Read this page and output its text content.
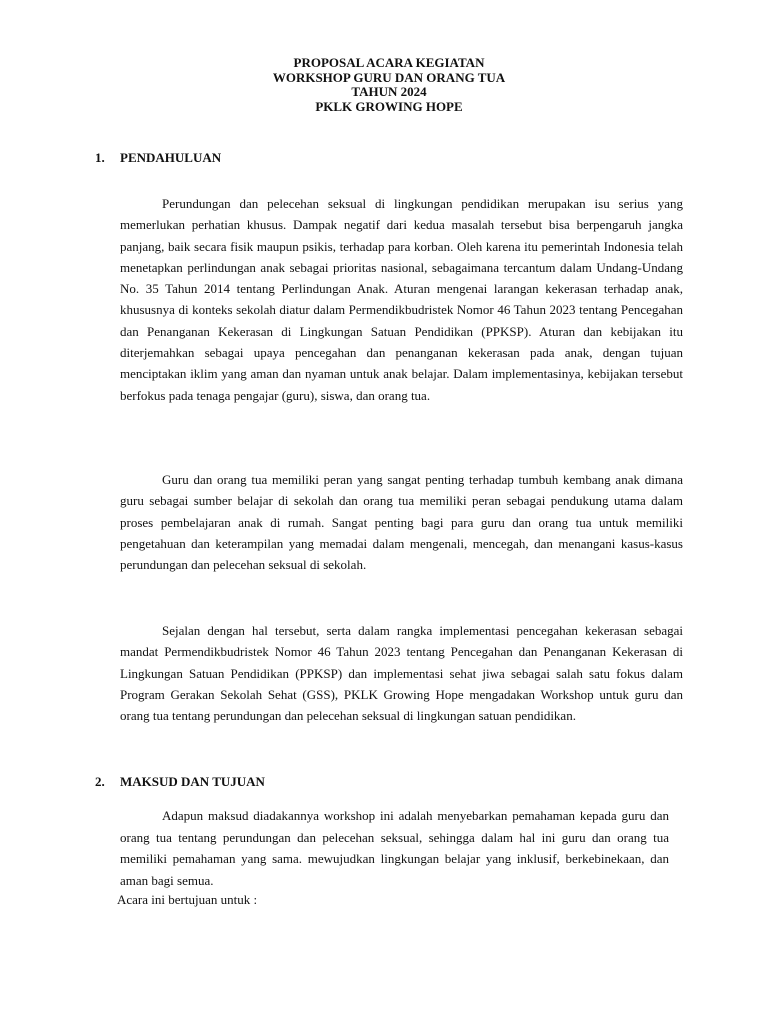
PROPOSAL ACARA KEGIATAN
WORKSHOP GURU DAN ORANG TUA
TAHUN 2024
PKLK GROWING HOPE
1. PENDAHULUAN

Perundungan dan pelecehan seksual di lingkungan pendidikan merupakan isu serius yang memerlukan perhatian khusus. Dampak negatif dari kedua masalah tersebut bisa berpengaruh jangka panjang, baik secara fisik maupun psikis, terhadap para korban. Oleh karena itu pemerintah Indonesia telah menetapkan perlindungan anak sebagai prioritas nasional, sebagaimana tercantum dalam Undang-Undang No. 35 Tahun 2014 tentang Perlindungan Anak. Aturan mengenai larangan kekerasan terhadap anak, khususnya di konteks sekolah diatur dalam Permendikbudristek Nomor 46 Tahun 2023 tentang Pencegahan dan Penanganan Kekerasan di Lingkungan Satuan Pendidikan (PPKSP). Aturan dan kebijakan itu diterjemahkan sebagai upaya pencegahan dan penanganan kekerasan pada anak, dengan tujuan menciptakan iklim yang aman dan nyaman untuk anak belajar. Dalam implementasinya, kebijakan tersebut berfokus pada tenaga pengajar (guru), siswa, dan orang tua.

Guru dan orang tua memiliki peran yang sangat penting terhadap tumbuh kembang anak dimana guru sebagai sumber belajar di sekolah dan orang tua memiliki peran sebagai pendukung utama dalam proses pembelajaran anak di rumah. Sangat penting bagi para guru dan orang tua untuk memiliki pengetahuan dan keterampilan yang memadai dalam mengenali, mencegah, dan menangani kasus-kasus perundungan dan pelecehan seksual di sekolah.

Sejalan dengan hal tersebut, serta dalam rangka implementasi pencegahan kekerasan sebagai mandat Permendikbudristek Nomor 46 Tahun 2023 tentang Pencegahan dan Penanganan Kekerasan di Lingkungan Satuan Pendidikan (PPKSP) dan implementasi sehat jiwa sebagai salah satu fokus dalam Program Gerakan Sekolah Sehat (GSS), PKLK Growing Hope mengadakan Workshop untuk guru dan orang tua tentang perundungan dan pelecehan seksual di lingkungan satuan pendidikan.

2. MAKSUD DAN TUJUAN

Adapun maksud diadakannya workshop ini adalah menyebarkan pemahaman kepada guru dan orang tua tentang perundungan dan pelecehan seksual, sehingga dalam hal ini guru dan orang tua memiliki pemahaman yang sama. mewujudkan lingkungan belajar yang inklusif, berkebinekaan, dan aman bagi semua.

Acara ini bertujuan untuk :
